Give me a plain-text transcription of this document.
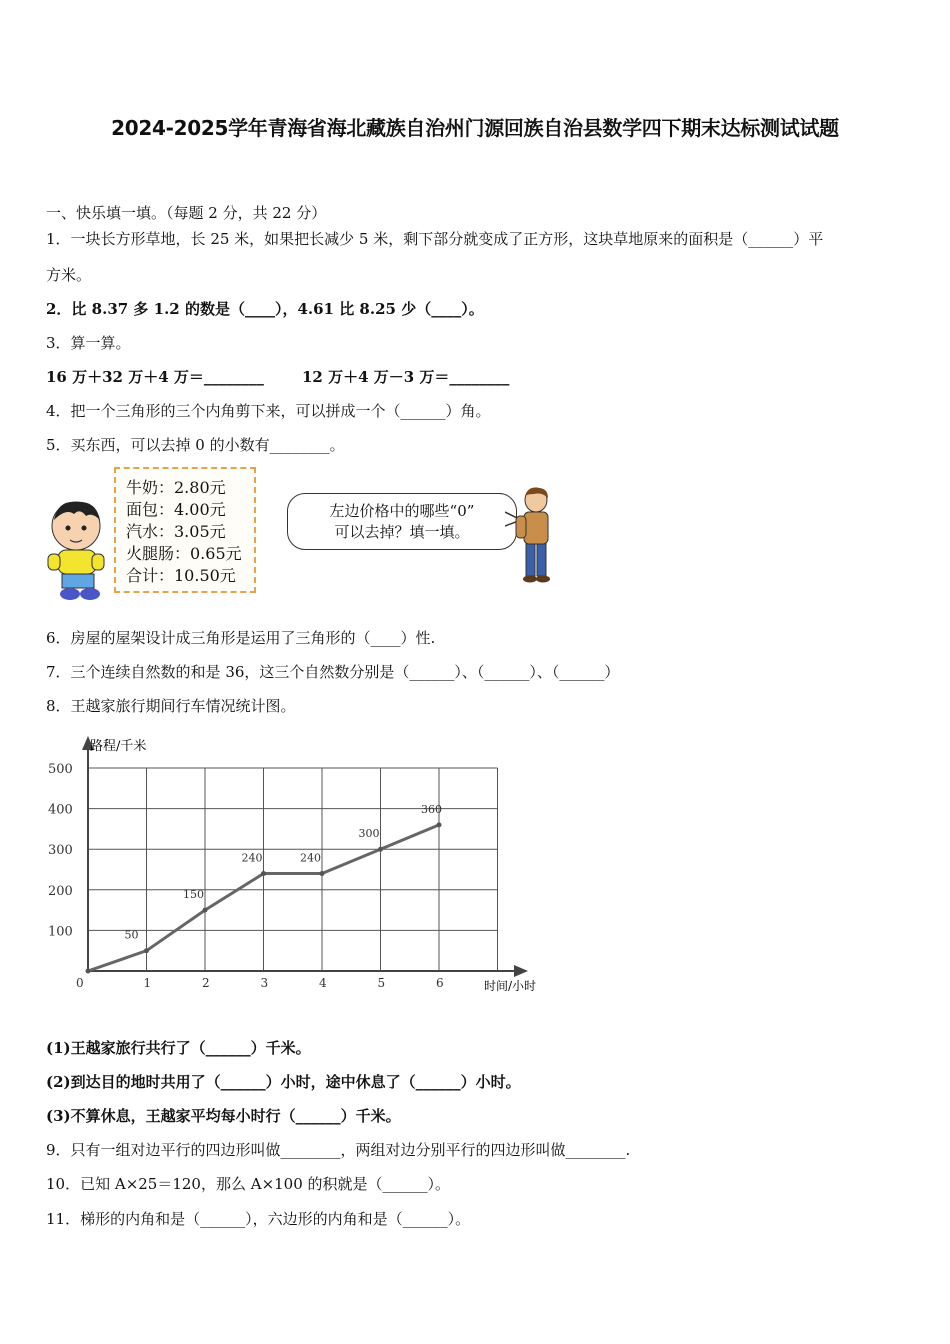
2024-2025学年青海省海北藏族自治州门源回族自治县数学四下期末达标测试试题
一、快乐填一填。（每题 2 分，共 22 分）
1．一块长方形草地，长 25 米，如果把长减少 5 米，剩下部分就变成了正方形，这块草地原来的面积是（______）平
方米。
2．比 8.37 多 1.2 的数是（____），4.61 比 8.25 少（____）。
3．算一算。
16 万＋32 万＋4 万＝________	12 万＋4 万－3 万＝________
4．把一个三角形的三个内角剪下来，可以拼成一个（______）角。
5．买东西，可以去掉 0 的小数有________。
牛奶：2.80元
面包：4.00元
汽水：3.05元
火腿肠：0.65元
合计：10.50元
左边价格中的哪些“0”
可以去掉？填一填。
6．房屋的屋架设计成三角形是运用了三角形的（____）性.
7．三个连续自然数的和是 36，这三个自然数分别是（______）、（______）、（______）
8．王越家旅行期间行车情况统计图。
路程/千米
时间/小时
0	1	2	3	4	5	6
100
200
300
400
500
50
150
240	240
300
360
(1)王越家旅行共行了（______）千米。
(2)到达目的地时共用了（______）小时，途中休息了（______）小时。
(3)不算休息，王越家平均每小时行（______）千米。
9．只有一组对边平行的四边形叫做________，两组对边分别平行的四边形叫做________.
10．已知 A×25＝120，那么 A×100 的积就是（______）。
11．梯形的内角和是（______），六边形的内角和是（______）。
